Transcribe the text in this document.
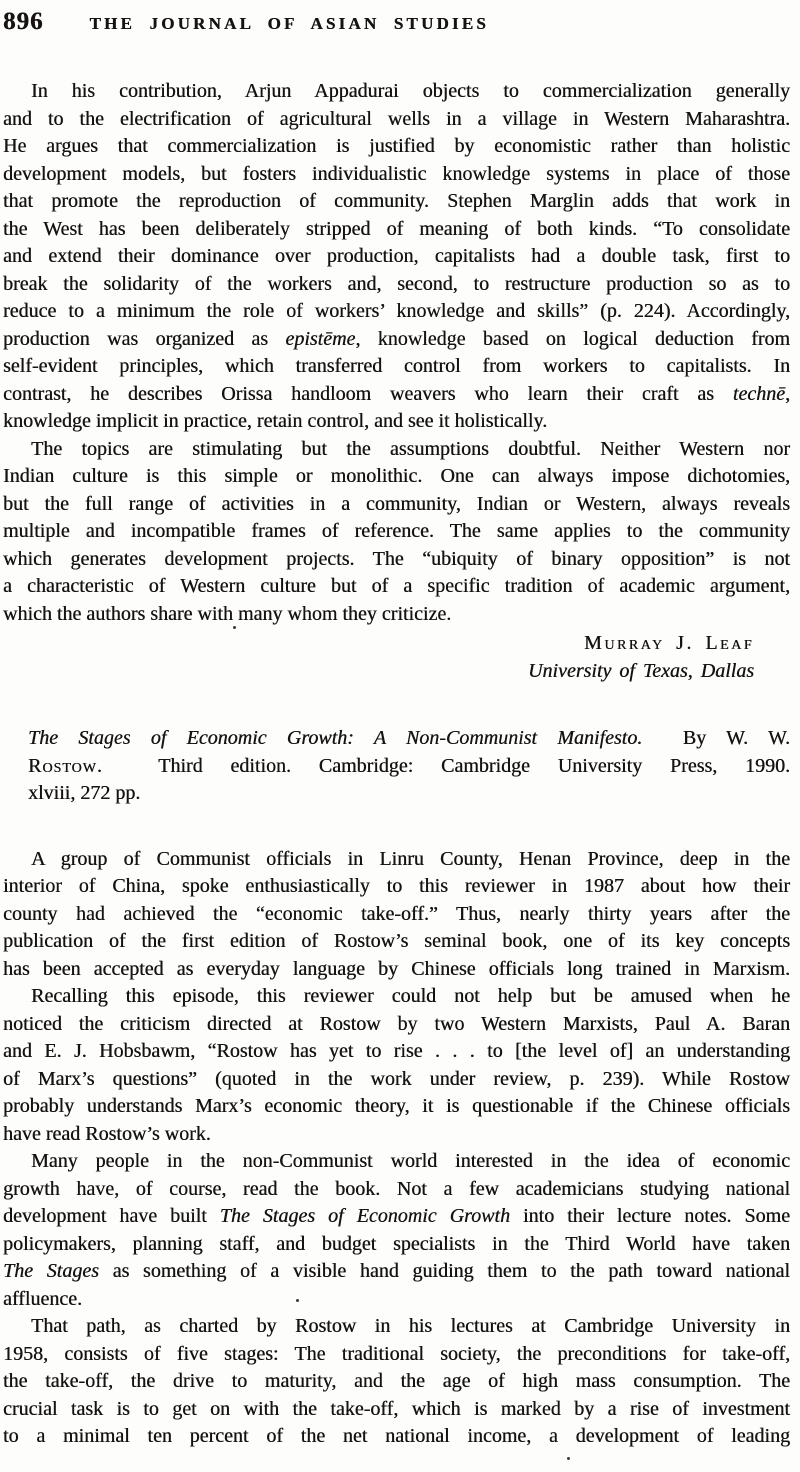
896	THE JOURNAL OF ASIAN STUDIES
In his contribution, Arjun Appadurai objects to commercialization generally
and to the electrification of agricultural wells in a village in Western Maharashtra.
He argues that commercialization is justified by economistic rather than holistic
development models, but fosters individualistic knowledge systems in place of those
that promote the reproduction of community. Stephen Marglin adds that work in
the West has been deliberately stripped of meaning of both kinds. “To consolidate
and extend their dominance over production, capitalists had a double task, first to
break the solidarity of the workers and, second, to restructure production so as to
reduce to a minimum the role of workers’ knowledge and skills” (p. 224). Accordingly,
production was organized as epistēme, knowledge based on logical deduction from
self-evident principles, which transferred control from workers to capitalists. In
contrast, he describes Orissa handloom weavers who learn their craft as technē,
knowledge implicit in practice, retain control, and see it holistically.
The topics are stimulating but the assumptions doubtful. Neither Western nor
Indian culture is this simple or monolithic. One can always impose dichotomies,
but the full range of activities in a community, Indian or Western, always reveals
multiple and incompatible frames of reference. The same applies to the community
which generates development projects. The “ubiquity of binary opposition” is not
a characteristic of Western culture but of a specific tradition of academic argument,
which the authors share with many whom they criticize.
Murray J. Leaf
University of Texas, Dallas
The Stages of Economic Growth: A Non-Communist Manifesto.  By W. W.
Rostow.  Third edition. Cambridge: Cambridge University Press, 1990.
xlviii, 272 pp.
A group of Communist officials in Linru County, Henan Province, deep in the
interior of China, spoke enthusiastically to this reviewer in 1987 about how their
county had achieved the “economic take-off.” Thus, nearly thirty years after the
publication of the first edition of Rostow’s seminal book, one of its key concepts
has been accepted as everyday language by Chinese officials long trained in Marxism.
Recalling this episode, this reviewer could not help but be amused when he
noticed the criticism directed at Rostow by two Western Marxists, Paul A. Baran
and E. J. Hobsbawm, “Rostow has yet to rise . . . to [the level of] an understanding
of Marx’s questions” (quoted in the work under review, p. 239). While Rostow
probably understands Marx’s economic theory, it is questionable if the Chinese officials
have read Rostow’s work.
Many people in the non-Communist world interested in the idea of economic
growth have, of course, read the book. Not a few academicians studying national
development have built The Stages of Economic Growth into their lecture notes. Some
policymakers, planning staff, and budget specialists in the Third World have taken
The Stages as something of a visible hand guiding them to the path toward national
affluence.
That path, as charted by Rostow in his lectures at Cambridge University in
1958, consists of five stages: The traditional society, the preconditions for take-off,
the take-off, the drive to maturity, and the age of high mass consumption. The
crucial task is to get on with the take-off, which is marked by a rise of investment
to a minimal ten percent of the net national income, a development of leading
